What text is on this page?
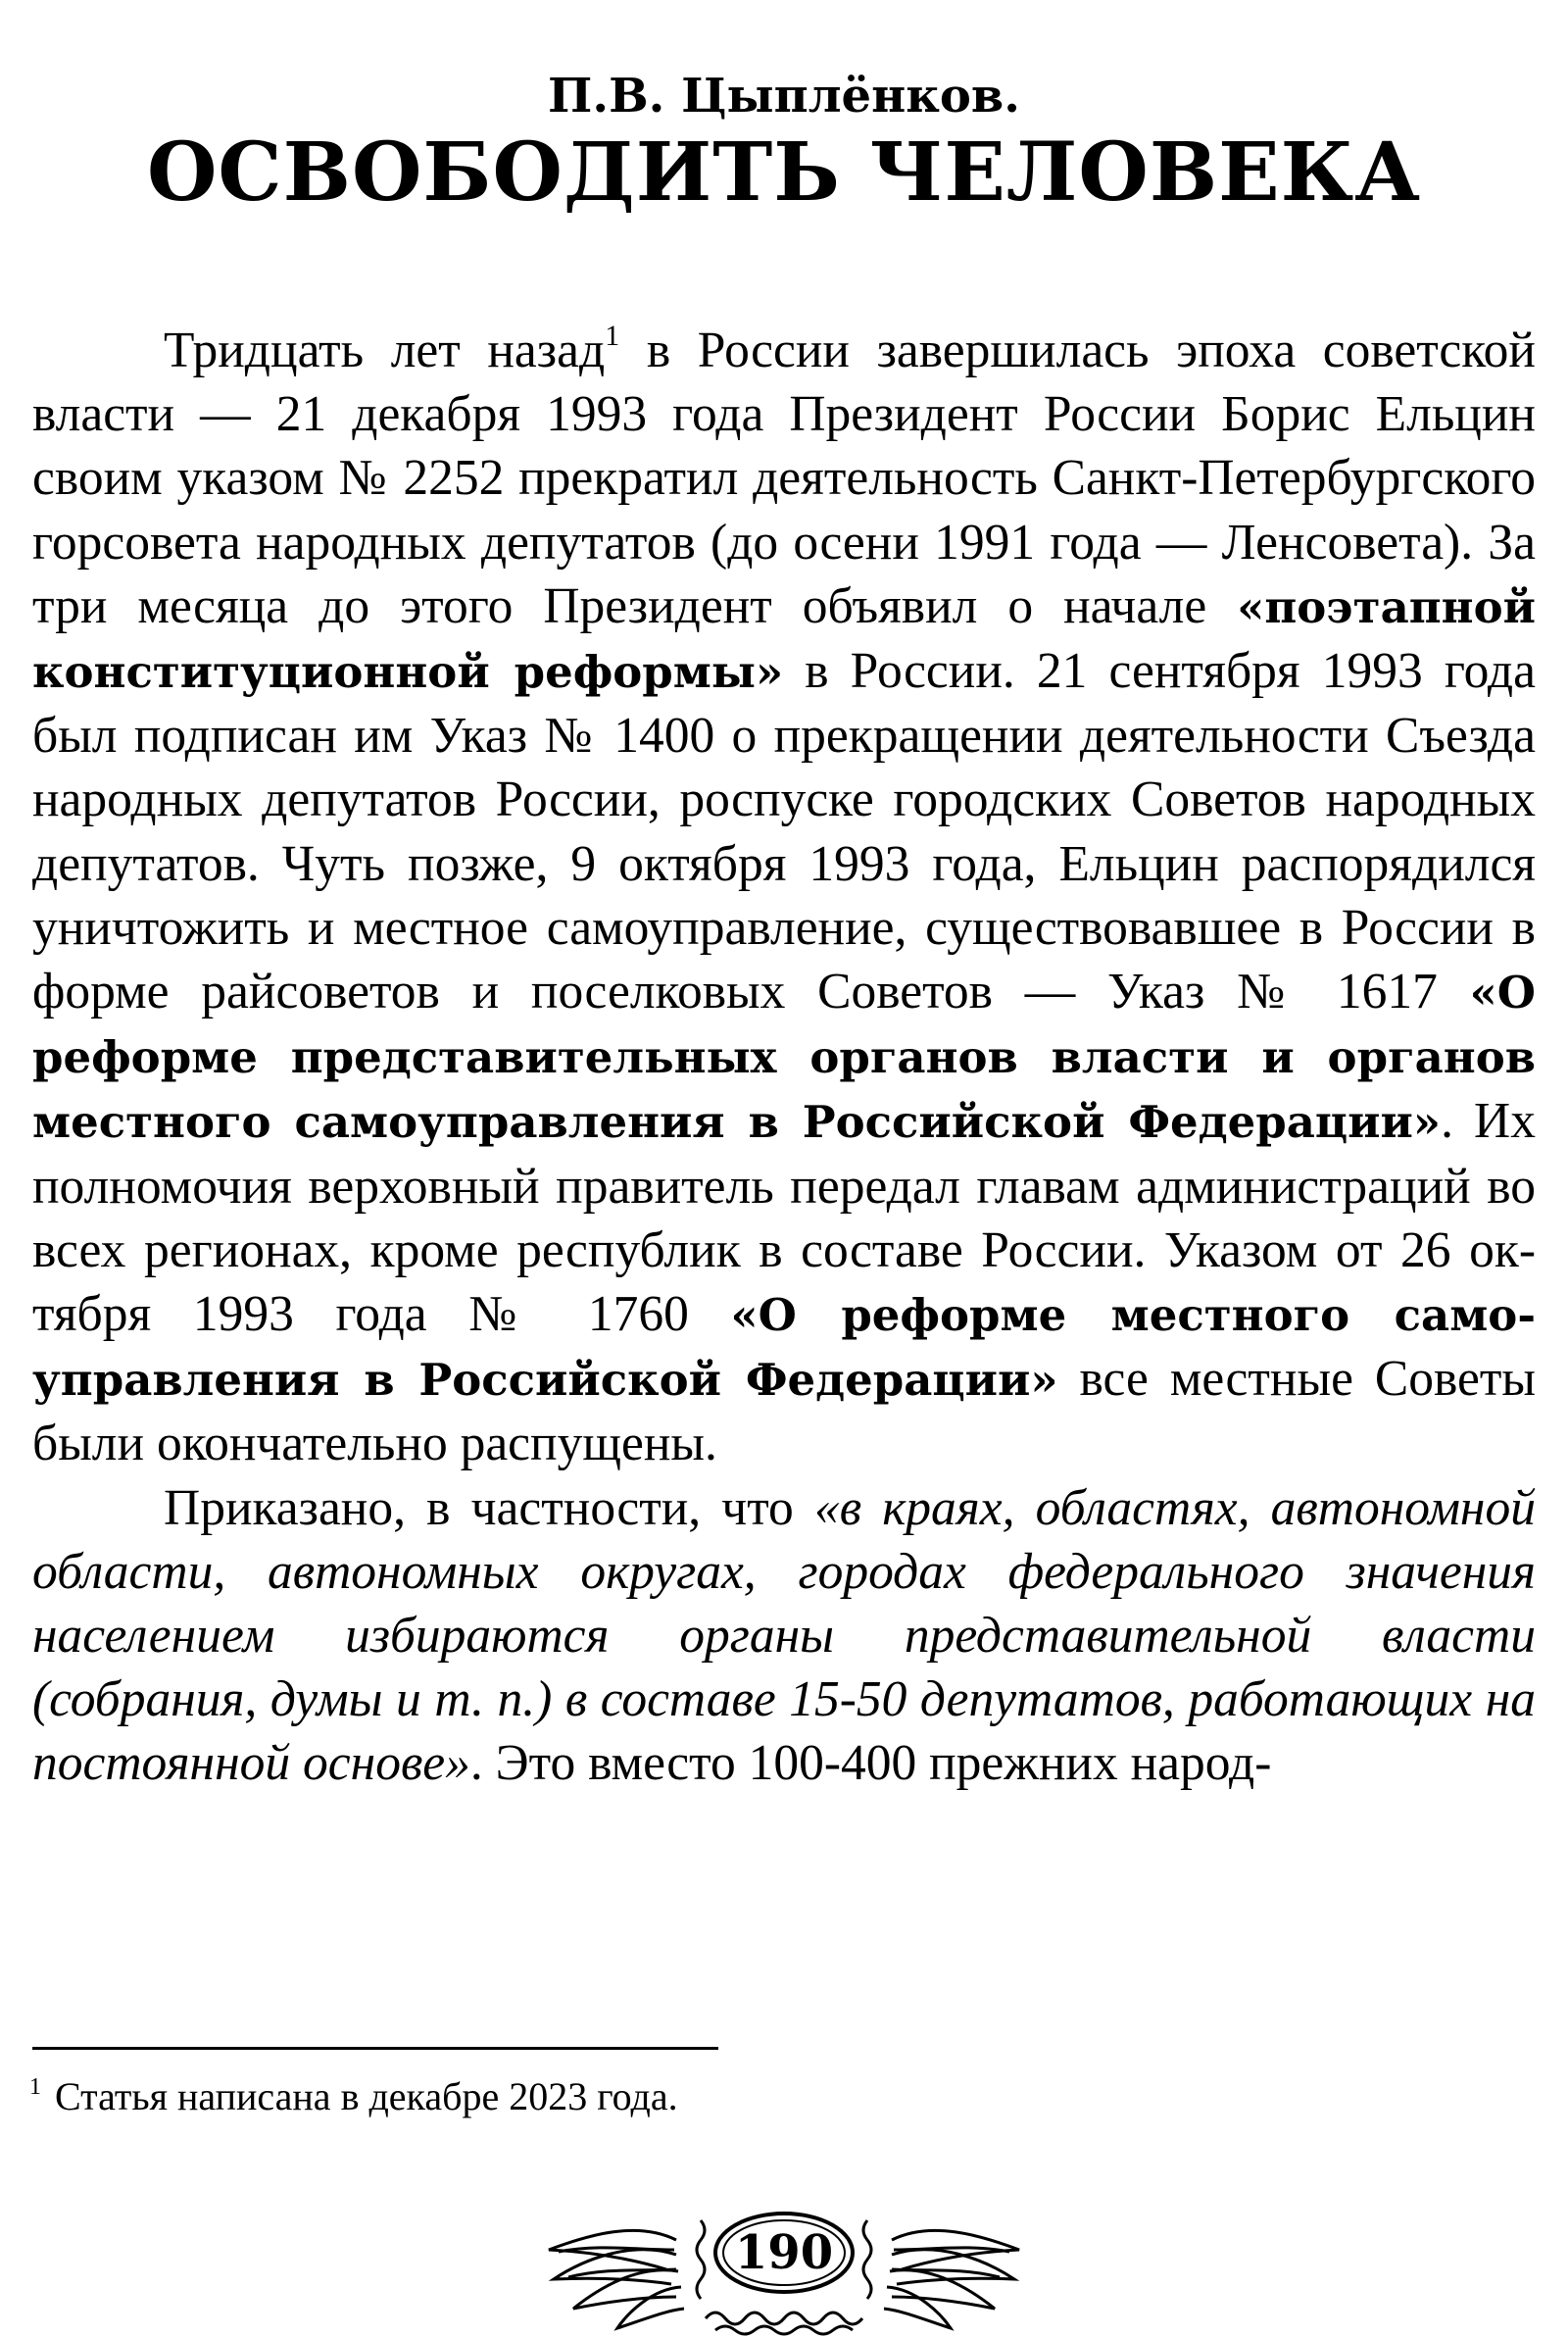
П.В. Цыплёнков.
ОСВОБОДИТЬ ЧЕЛОВЕКА

Тридцать лет назад$^1$ в России завершилась эпоха советской власти — 21 декабря 1993 года Президент России Борис Ельцин своим указом № 2252 прекратил деятельность Санкт-Петербургского горсовета народных депутатов (до осени 1991 года — Ленсовета). За три месяца до этого Президент объявил о начале «поэтапной конституционной реформы» в России. 21 сентября 1993 года был подписан им Указ № 1400 о прекращении деятельности Съезда народных депутатов России, роспуске городских Советов народных депутатов. Чуть позже, 9 октября 1993 года, Ельцин распорядился уничтожить и местное самоуправление, существовавшее в России в форме райсоветов и поселковых Советов — Указ № 1617 «О реформе представительных органов власти и органов местного самоуправления в Российской Федерации». Их полномочия верховный правитель передал главам администраций во всех регионах, кроме республик в составе России. Указом от 26 октября 1993 года № 1760 «О реформе местного самоуправления в Российской Федерации» все местные Советы были окончательно распущены.

Приказано, в частности, что «в краях, областях, автономной области, автономных округах, городах федерального значения населением избираются органы представительной власти (собрания, думы и т. п.) в составе 15-50 депутатов, работающих на постоянной основе». Это вместо 100-400 прежних народ-

$^1$ Статья написана в декабре 2023 года.
190
